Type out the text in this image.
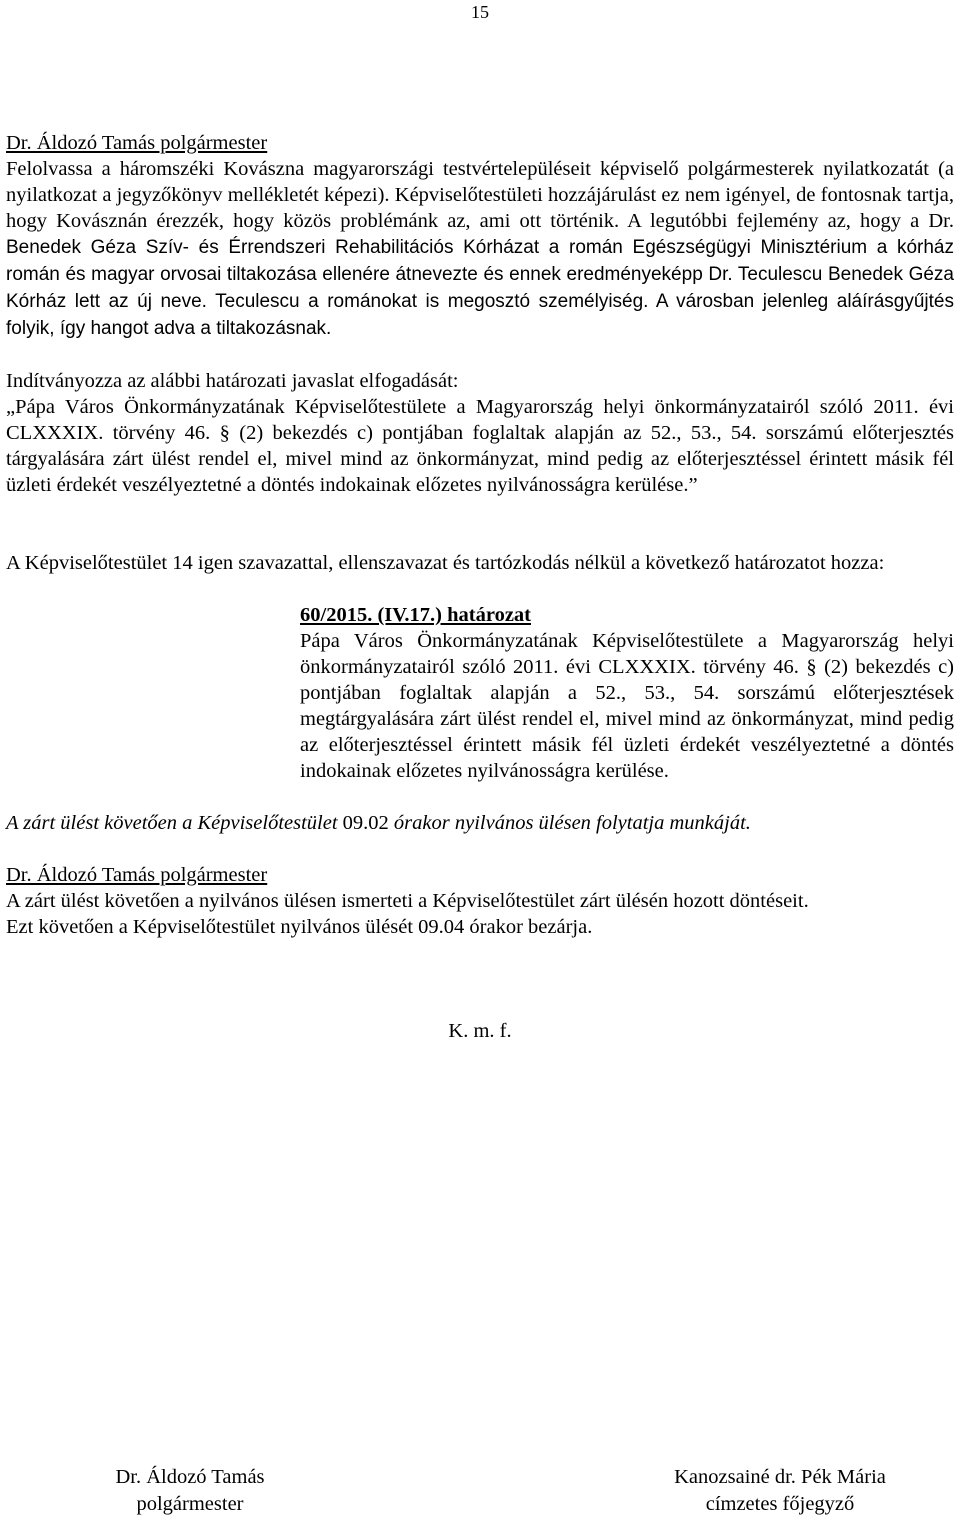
15

Dr. Áldozó Tamás polgármester

Felolvassa a háromszéki Kovászna magyarországi testvértelepüléseit képviselő polgármesterek nyilatkozatát (a nyilatkozat a jegyzőkönyv mellékletét képezi). Képviselőtestületi hozzájárulást ez nem igényel, de fontosnak tartja, hogy Kovásznán érezzék, hogy közös problémánk az, ami ott történik. A legutóbbi fejlemény az, hogy a Dr. Benedek Géza Szív- és Érrendszeri Rehabilitációs Kórházat a román Egészségügyi Minisztérium a kórház román és magyar orvosai tiltakozása ellenére átnevezte és ennek eredményeképp Dr. Teculescu Benedek Géza Kórház lett az új neve. Teculescu a románokat is megosztó személyiség. A városban jelenleg aláírásgyűjtés folyik, így hangot adva a tiltakozásnak.

Indítványozza az alábbi határozati javaslat elfogadását:

„Pápa Város Önkormányzatának Képviselőtestülete a Magyarország helyi önkormányzatairól szóló 2011. évi CLXXXIX. törvény 46. § (2) bekezdés c) pontjában foglaltak alapján az 52., 53., 54. sorszámú előterjesztés tárgyalására zárt ülést rendel el, mivel mind az önkormányzat, mind pedig az előterjesztéssel érintett másik fél üzleti érdekét veszélyeztetné a döntés indokainak előzetes nyilvánosságra kerülése.”

A Képviselőtestület 14 igen szavazattal, ellenszavazat és tartózkodás nélkül a következő határozatot hozza:

60/2015. (IV.17.) határozat

Pápa Város Önkormányzatának Képviselőtestülete a Magyarország helyi önkormányzatairól szóló 2011. évi CLXXXIX. törvény 46. § (2) bekezdés c) pontjában foglaltak alapján a 52., 53., 54. sorszámú előterjesztések megtárgyalására zárt ülést rendel el, mivel mind az önkormányzat, mind pedig az előterjesztéssel érintett másik fél üzleti érdekét veszélyeztetné a döntés indokainak előzetes nyilvánosságra kerülése.

A zárt ülést követően a Képviselőtestület 09.02 órakor nyilvános ülésen folytatja munkáját.

Dr. Áldozó Tamás polgármester

A zárt ülést követően a nyilvános ülésen ismerteti a Képviselőtestület zárt ülésén hozott döntéseit.

Ezt követően a Képviselőtestület nyilvános ülését 09.04 órakor bezárja.

K. m. f.

Dr. Áldozó Tamás
polgármester
Kanozsainé dr. Pék Mária
címzetes főjegyző
